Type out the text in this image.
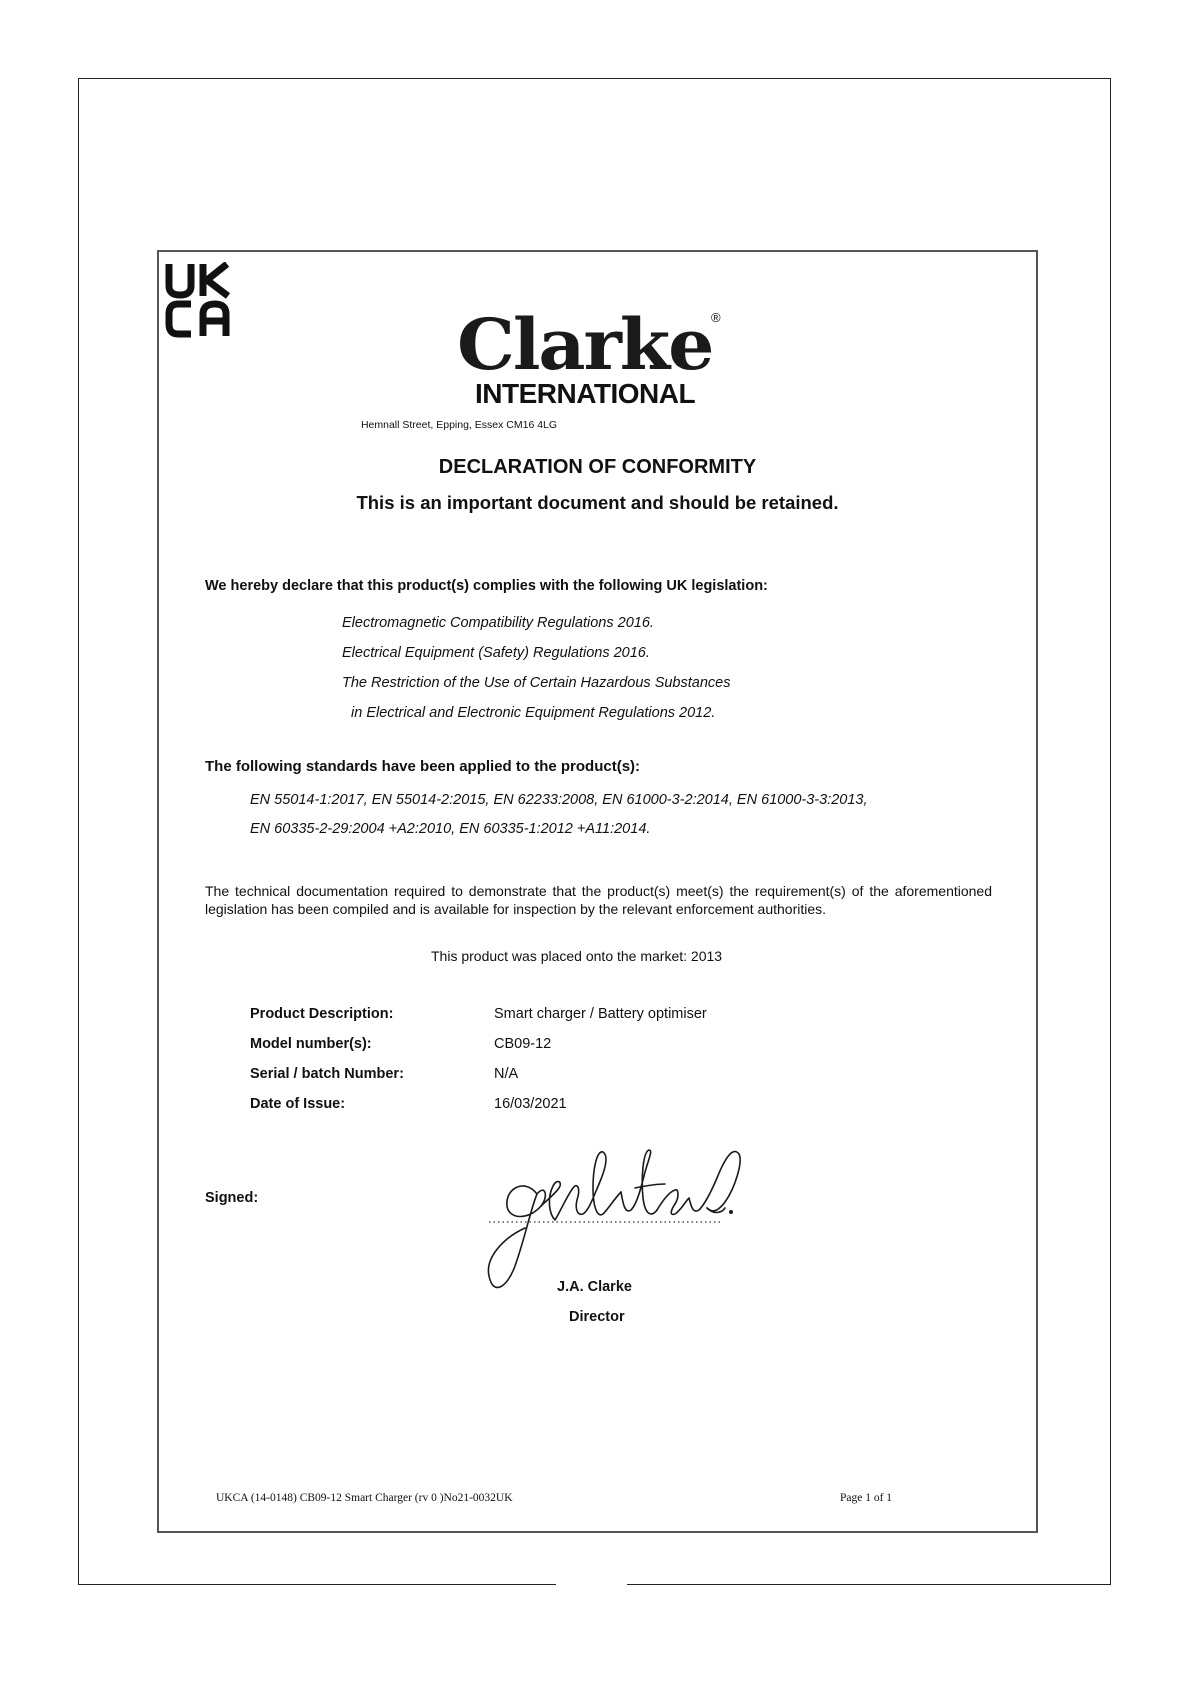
Clarke
®
INTERNATIONAL
Hemnall Street, Epping, Essex CM16 4LG
DECLARATION OF CONFORMITY
This is an important document and should be retained.
We hereby declare that this product(s) complies with the following UK legislation:
Electromagnetic Compatibility Regulations 2016.
Electrical Equipment (Safety) Regulations 2016.
The Restriction of the Use of Certain Hazardous Substances
in Electrical and Electronic Equipment Regulations 2012.
The following standards have been applied to the product(s):
EN 55014-1:2017, EN 55014-2:2015, EN 62233:2008, EN 61000-3-2:2014, EN 61000-3-3:2013,
EN 60335-2-29:2004 +A2:2010, EN 60335-1:2012 +A11:2014.
The technical documentation required to demonstrate that the product(s) meet(s) the requirement(s) of the aforementioned legislation has been compiled and is available for inspection by the relevant enforcement authorities.
This product was placed onto the market: 2013
Product Description:	Smart charger / Battery optimiser
Model number(s):	CB09-12
Serial / batch Number:	N/A
Date of Issue:	16/03/2021
Signed:
J.A. Clarke
Director
UKCA (14-0148) CB09-12 Smart Charger (rv 0 )No21-0032UK	Page 1 of 1
